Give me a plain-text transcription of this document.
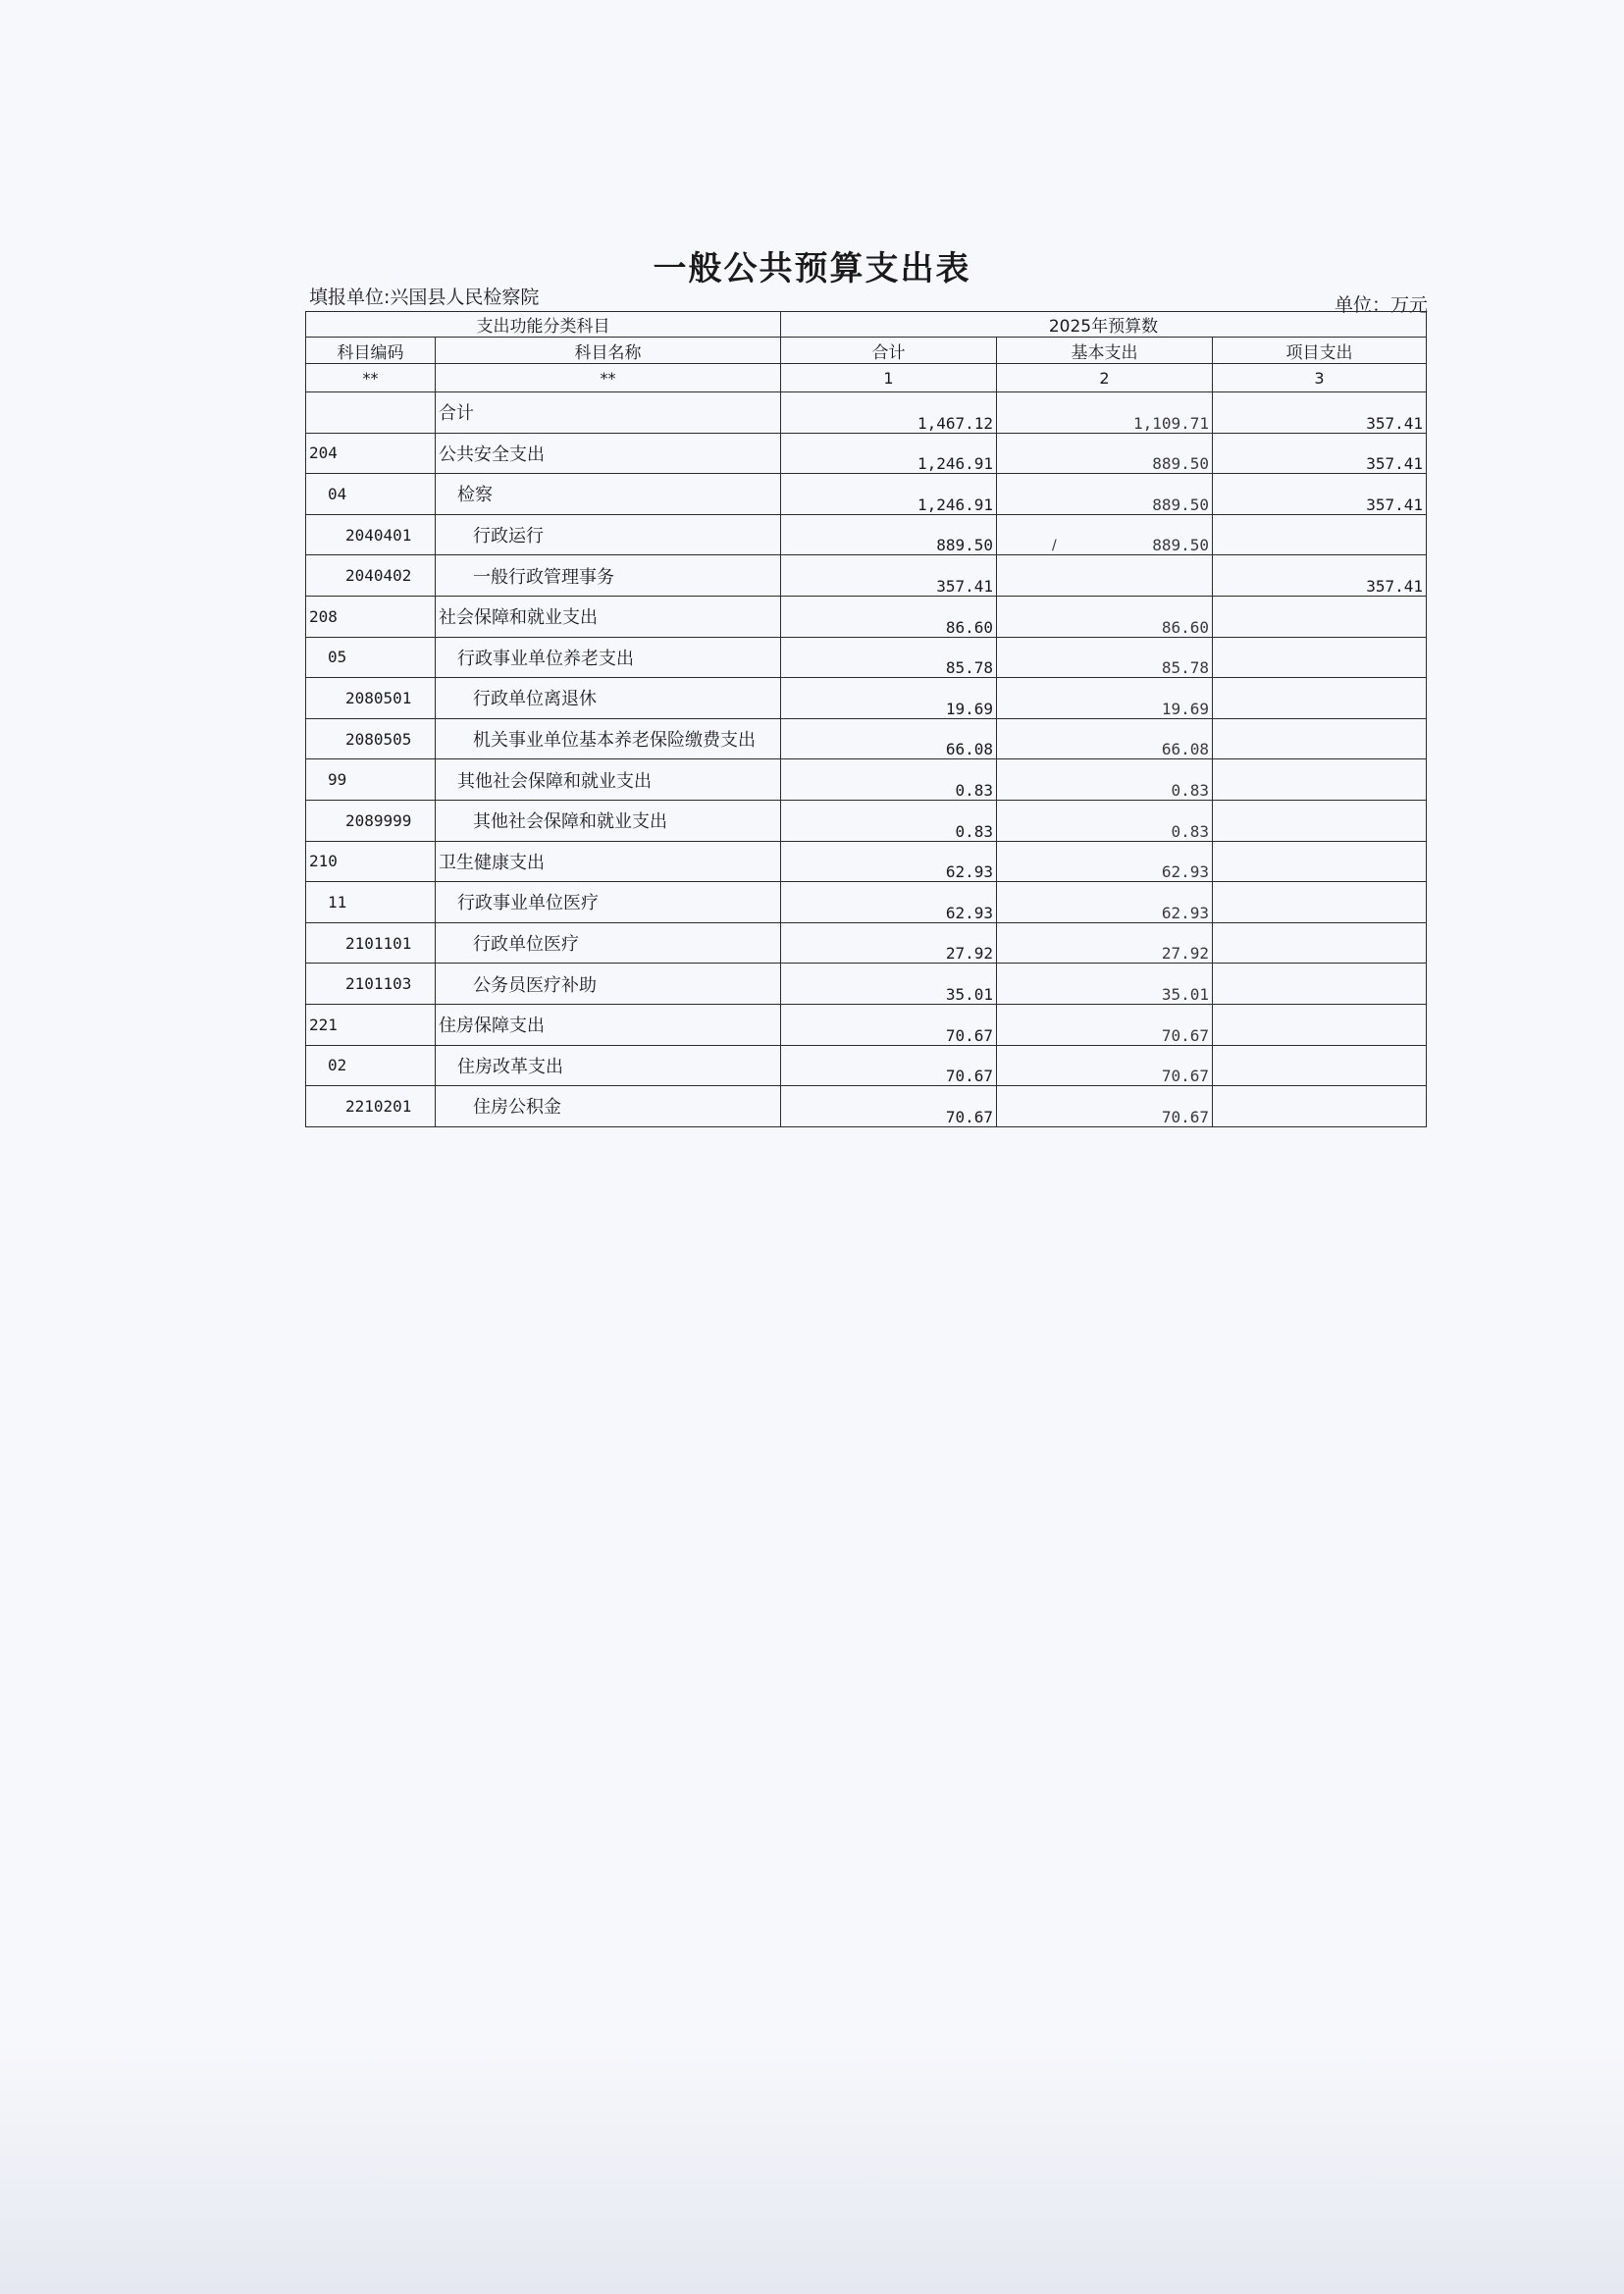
一般公共预算支出表
填报单位:兴国县人民检察院	单位：万元
支出功能分类科目		2025年预算数		
科目编码	科目名称	合计	基本支出	项目支出
**	**	1	2	3
	合计	1,467.12	1,109.71	357.41
204	公共安全支出	1,246.91	889.50	357.41
04	检察	1,246.91	889.50	357.41
2040401	行政运行	889.50	889.50	
2040402	一般行政管理事务	357.41		357.41
208	社会保障和就业支出	86.60	86.60	
05	行政事业单位养老支出	85.78	85.78	
2080501	行政单位离退休	19.69	19.69	
2080505	机关事业单位基本养老保险缴费支出	66.08	66.08	
99	其他社会保障和就业支出	0.83	0.83	
2089999	其他社会保障和就业支出	0.83	0.83	
210	卫生健康支出	62.93	62.93	
11	行政事业单位医疗	62.93	62.93	
2101101	行政单位医疗	27.92	27.92	
2101103	公务员医疗补助	35.01	35.01	
221	住房保障支出	70.67	70.67	
02	住房改革支出	70.67	70.67	
2210201	住房公积金	70.67	70.67	
/
